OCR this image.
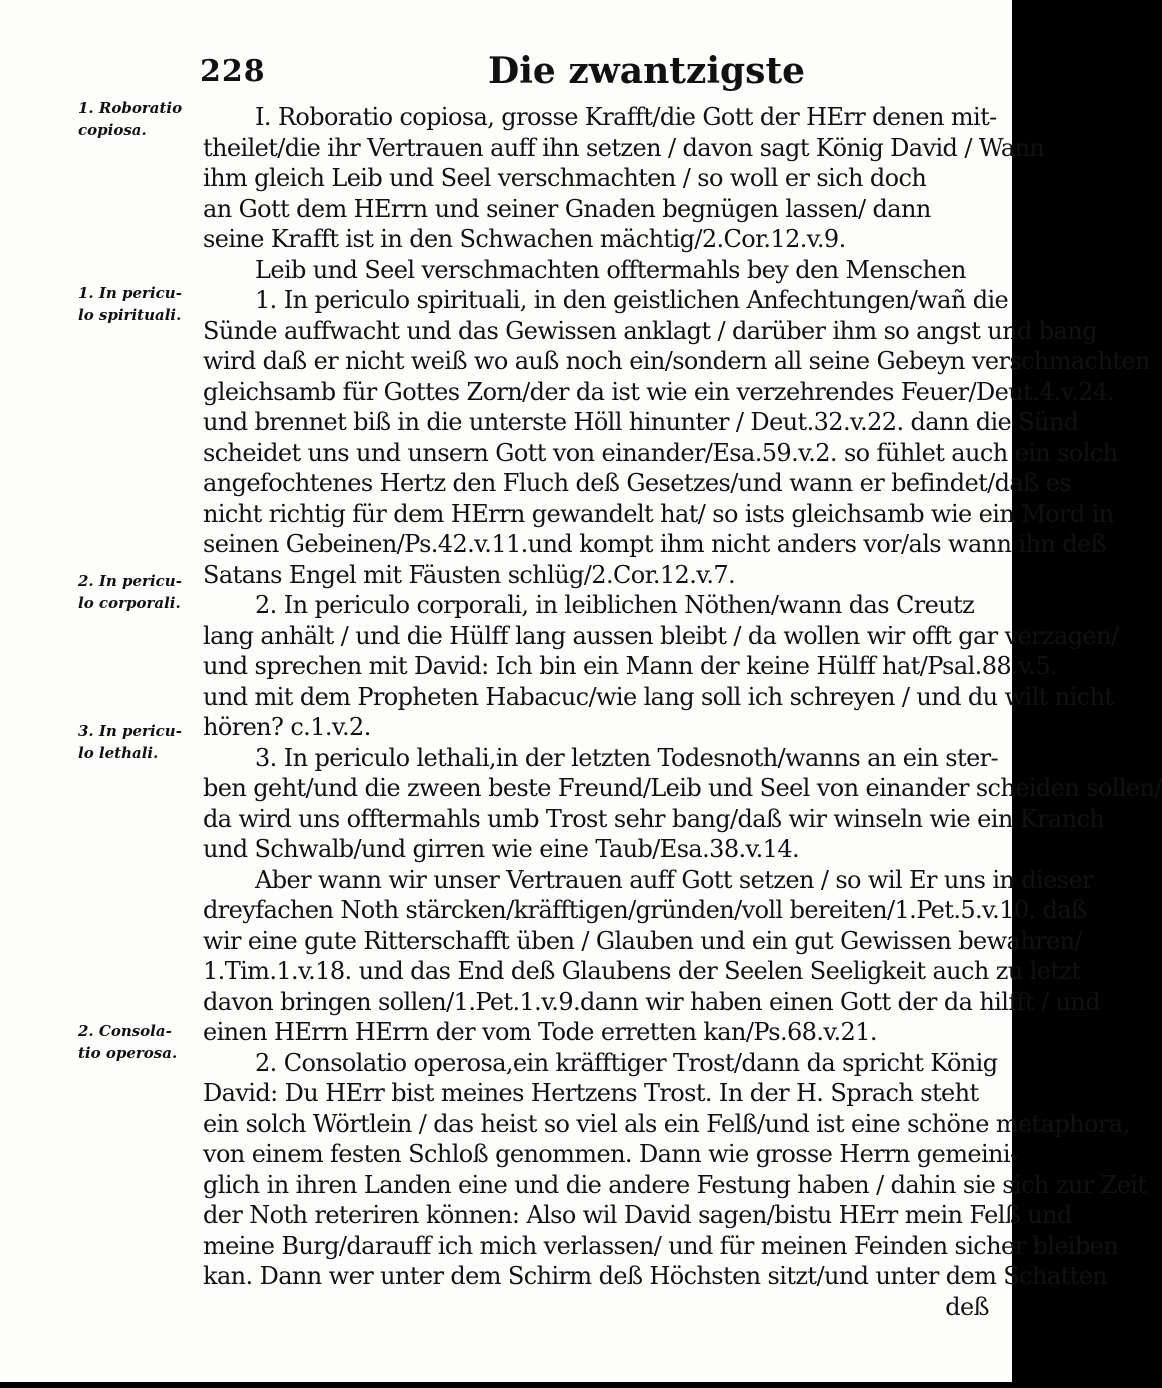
228	Die zwantzigste
1. Roboratio
copiosa.
1. In pericu-
lo spirituali.
2. In pericu-
lo corporali.
3. In pericu-
lo lethali.
2. Consola-
tio operosa.
I. Roboratio copiosa, grosse Krafft/die Gott der HErr denen mit-
theilet/die ihr Vertrauen auff ihn setzen / davon sagt König David / Wann
ihm gleich Leib und Seel verschmachten / so woll er sich doch
an Gott dem HErrn und seiner Gnaden begnügen lassen/ dann
seine Krafft ist in den Schwachen mächtig/2.Cor.12.v.9.
Leib und Seel verschmachten offtermahls bey den Menschen
1. In periculo spirituali, in den geistlichen Anfechtungen/wañ die
Sünde auffwacht und das Gewissen anklagt / darüber ihm so angst und bang
wird daß er nicht weiß wo auß noch ein/sondern all seine Gebeyn verschmachten
gleichsamb für Gottes Zorn/der da ist wie ein verzehrendes Feuer/Deut.4.v.24.
und brennet biß in die unterste Höll hinunter / Deut.32.v.22. dann die Sünd
scheidet uns und unsern Gott von einander/Esa.59.v.2. so fühlet auch ein solch
angefochtenes Hertz den Fluch deß Gesetzes/und wann er befindet/daß es
nicht richtig für dem HErrn gewandelt hat/ so ists gleichsamb wie ein Mord in
seinen Gebeinen/Ps.42.v.11.und kompt ihm nicht anders vor/als wann ihn deß
Satans Engel mit Fäusten schlüg/2.Cor.12.v.7.
2. In periculo corporali, in leiblichen Nöthen/wann das Creutz
lang anhält / und die Hülff lang aussen bleibt / da wollen wir offt gar verzagen/
und sprechen mit David: Ich bin ein Mann der keine Hülff hat/Psal.88.v.5.
und mit dem Propheten Habacuc/wie lang soll ich schreyen / und du wilt nicht
hören? c.1.v.2.
3. In periculo lethali,in der letzten Todesnoth/wanns an ein ster-
ben geht/und die zween beste Freund/Leib und Seel von einander scheiden sollen/
da wird uns offtermahls umb Trost sehr bang/daß wir winseln wie ein Kranch
und Schwalb/und girren wie eine Taub/Esa.38.v.14.
Aber wann wir unser Vertrauen auff Gott setzen / so wil Er uns in dieser
dreyfachen Noth stärcken/kräfftigen/gründen/voll bereiten/1.Pet.5.v.10. daß
wir eine gute Ritterschafft üben / Glauben und ein gut Gewissen bewahren/
1.Tim.1.v.18. und das End deß Glaubens der Seelen Seeligkeit auch zu letzt
davon bringen sollen/1.Pet.1.v.9.dann wir haben einen Gott der da hilfft / und
einen HErrn HErrn der vom Tode erretten kan/Ps.68.v.21.
2. Consolatio operosa,ein kräfftiger Trost/dann da spricht König
David: Du HErr bist meines Hertzens Trost. In der H. Sprach steht
ein solch Wörtlein / das heist so viel als ein Felß/und ist eine schöne metaphora,
von einem festen Schloß genommen. Dann wie grosse Herrn gemeini-
glich in ihren Landen eine und die andere Festung haben / dahin sie sich zur Zeit
der Noth reteriren können: Also wil David sagen/bistu HErr mein Felß und
meine Burg/darauff ich mich verlassen/ und für meinen Feinden sicher bleiben
kan. Dann wer unter dem Schirm deß Höchsten sitzt/und unter dem Schatten
deß
